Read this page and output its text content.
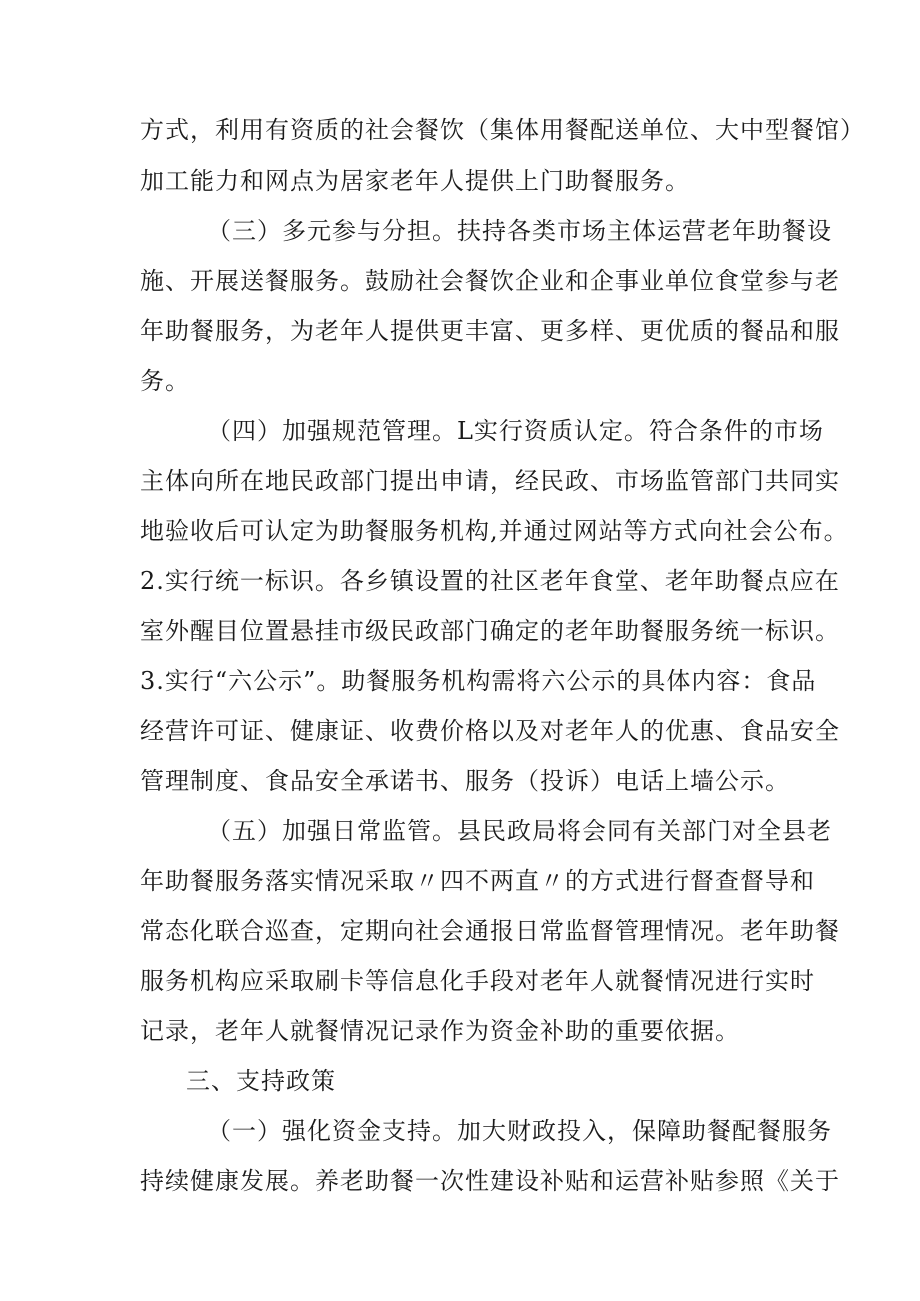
方式，利用有资质的社会餐饮（集体用餐配送单位、大中型餐馆）
加工能力和网点为居家老年人提供上门助餐服务。
（三）多元参与分担。扶持各类市场主体运营老年助餐设
施、开展送餐服务。鼓励社会餐饮企业和企事业单位食堂参与老
年助餐服务，为老年人提供更丰富、更多样、更优质的餐品和服
务。
（四）加强规范管理。L实行资质认定。符合条件的市场
主体向所在地民政部门提出申请，经民政、市场监管部门共同实
地验收后可认定为助餐服务机构,并通过网站等方式向社会公布。
2.实行统一标识。各乡镇设置的社区老年食堂、老年助餐点应在
室外醒目位置悬挂市级民政部门确定的老年助餐服务统一标识。
3.实行“六公示”。助餐服务机构需将六公示的具体内容：食品
经营许可证、健康证、收费价格以及对老年人的优惠、食品安全
管理制度、食品安全承诺书、服务（投诉）电话上墙公示。
（五）加强日常监管。县民政局将会同有关部门对全县老
年助餐服务落实情况采取〃四不两直〃的方式进行督查督导和
常态化联合巡查，定期向社会通报日常监督管理情况。老年助餐
服务机构应采取刷卡等信息化手段对老年人就餐情况进行实时
记录，老年人就餐情况记录作为资金补助的重要依据。
三、支持政策
（一）强化资金支持。加大财政投入，保障助餐配餐服务
持续健康发展。养老助餐一次性建设补贴和运营补贴参照《关于
